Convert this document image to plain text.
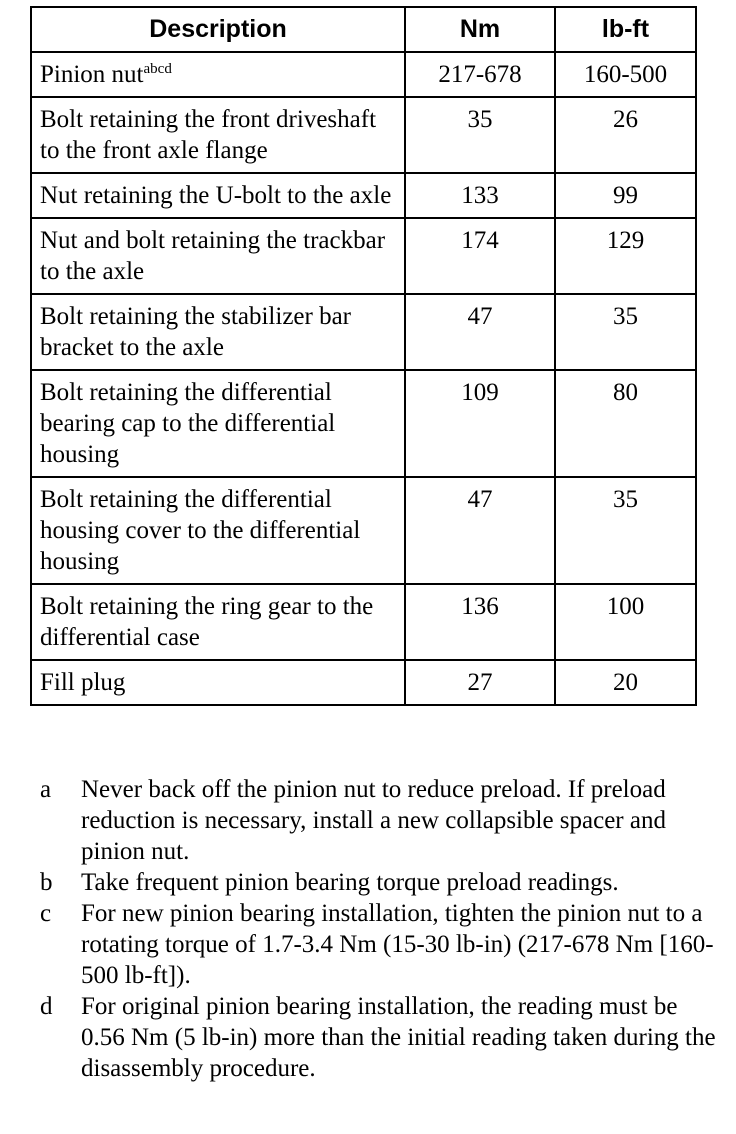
Description	Nm	lb-ft
Pinion nut$^{abcd}$	217-678	160-500
Bolt retaining the front driveshaft to the front axle flange	35	26
Nut retaining the U-bolt to the axle	133	99
Nut and bolt retaining the trackbar to the axle	174	129
Bolt retaining the stabilizer bar bracket to the axle	47	35
Bolt retaining the differential bearing cap to the differential housing	109	80
Bolt retaining the differential housing cover to the differential housing	47	35
Bolt retaining the ring gear to the differential case	136	100
Fill plug	27	20
a	Never back off the pinion nut to reduce preload. If preload reduction is necessary, install a new collapsible spacer and pinion nut.
b	Take frequent pinion bearing torque preload readings.
c	For new pinion bearing installation, tighten the pinion nut to a rotating torque of 1.7-3.4 Nm (15-30 lb-in) (217-678 Nm [160-500 lb-ft]).
d	For original pinion bearing installation, the reading must be 0.56 Nm (5 lb-in) more than the initial reading taken during the disassembly procedure.
